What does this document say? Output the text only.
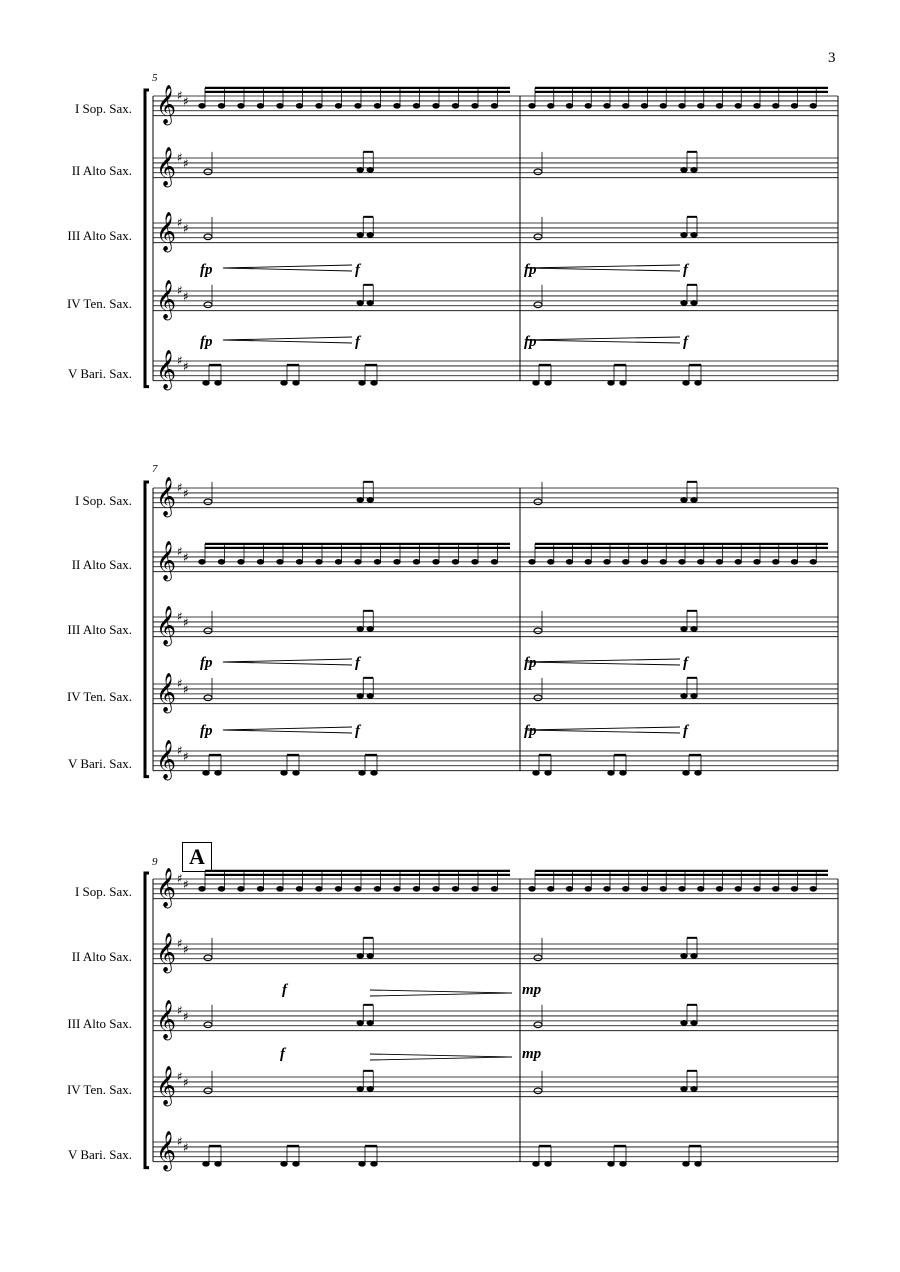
𝄞 ♯ ♯
𝄞 ♯ ♯
𝄞 ♯ ♯
𝄞 ♯ ♯
𝄞 ♯ ♯
𝄞 ♯ ♯
𝄞 ♯ ♯
𝄞 ♯ ♯
𝄞 ♯ ♯
𝄞 ♯ ♯
𝄞 ♯ ♯
𝄞 ♯ ♯
𝄞 ♯ ♯
𝄞 ♯ ♯
𝄞 ♯ ♯
3
I Sop. Sax.
II Alto Sax.
III Alto Sax.
IV Ten. Sax.
V Bari. Sax.
I Sop. Sax.
II Alto Sax.
III Alto Sax.
IV Ten. Sax.
V Bari. Sax.
I Sop. Sax.
II Alto Sax.
III Alto Sax.
IV Ten. Sax.
V Bari. Sax.
5
7
9	A
fp	f	fp	f
fp	f	fp	f
fp	f	fp	f
fp	f	fp	f
f	mp
f	mp
